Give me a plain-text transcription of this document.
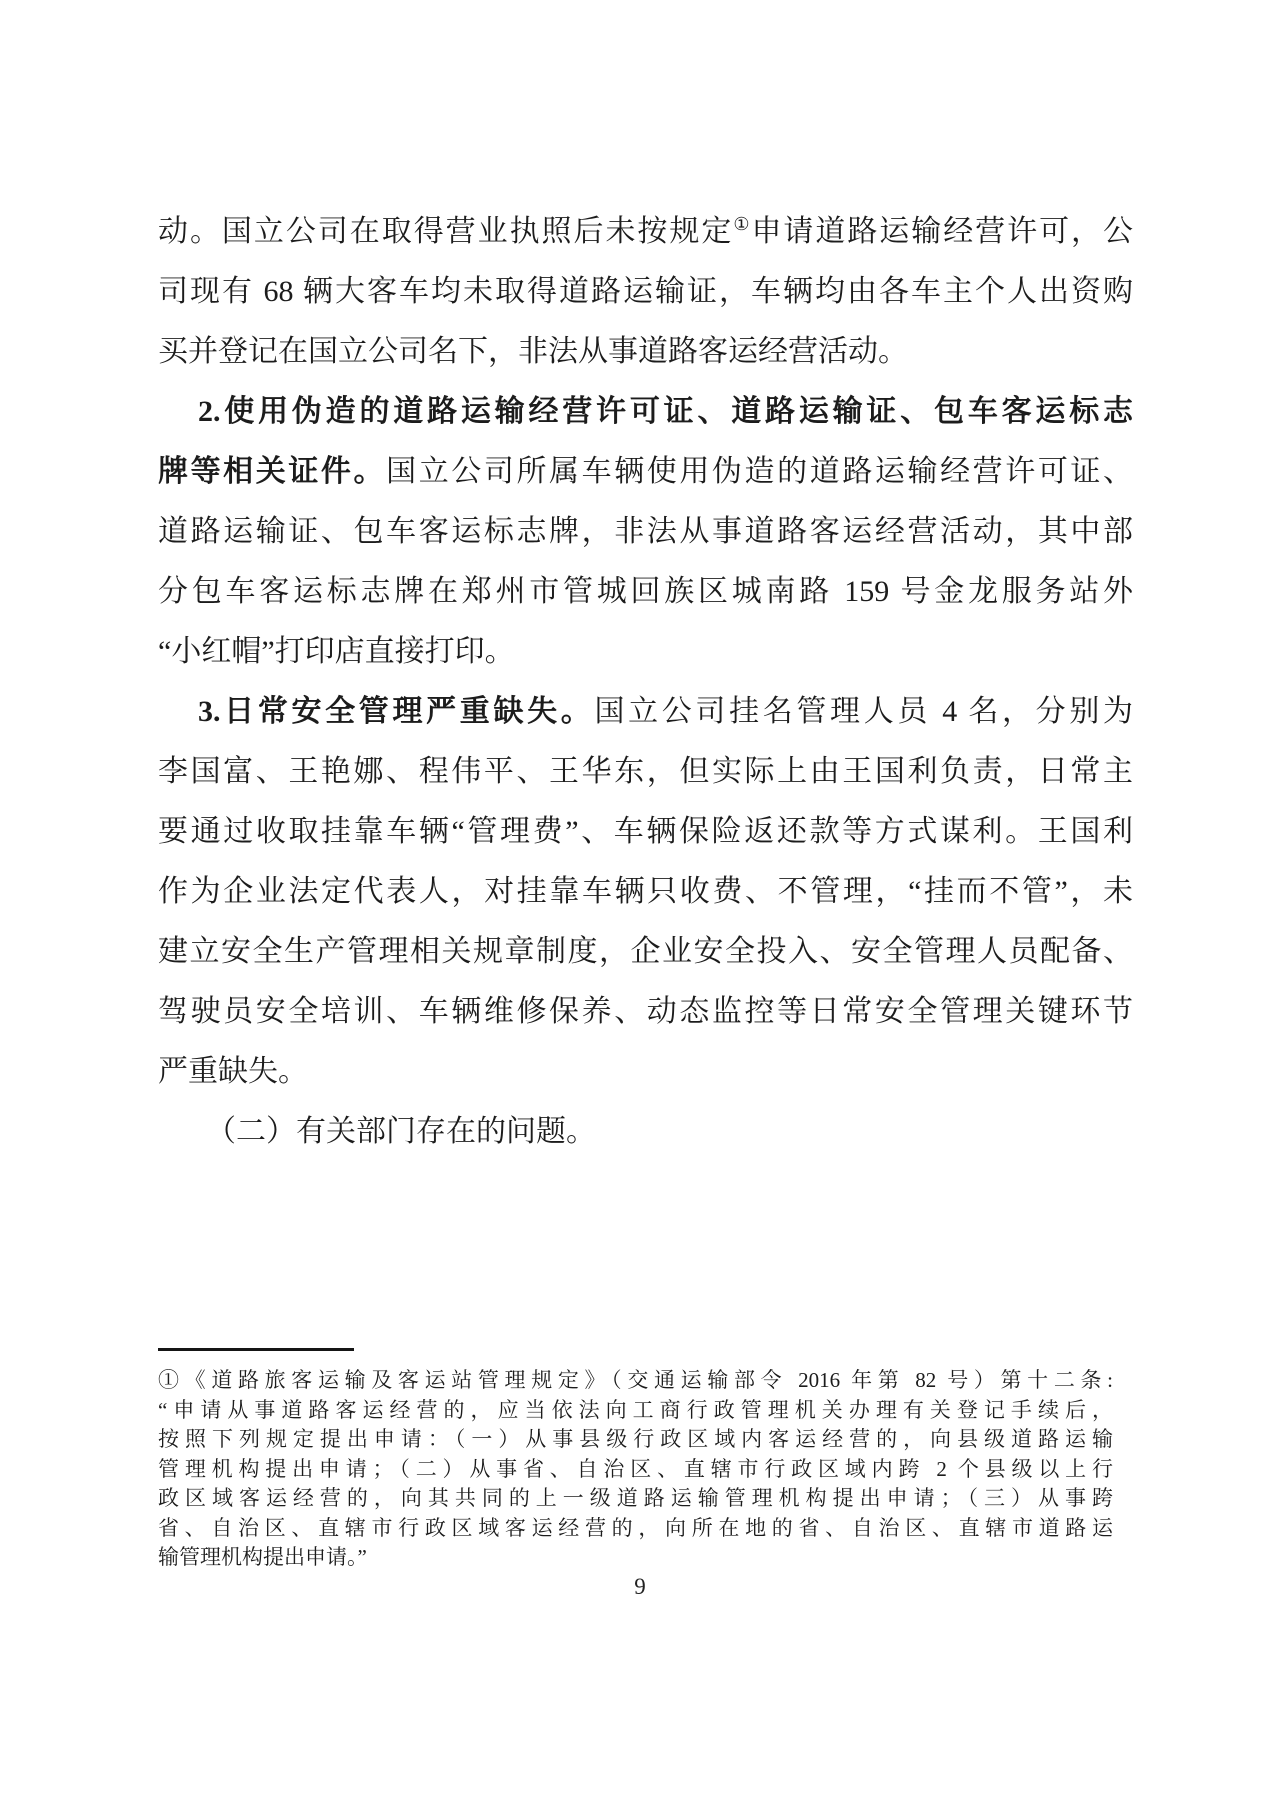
动。国立公司在取得营业执照后未按规定①申请道路运输经营许可，公
司现有 68 辆大客车均未取得道路运输证，车辆均由各车主个人出资购
买并登记在国立公司名下，非法从事道路客运经营活动。
2.使用伪造的道路运输经营许可证、道路运输证、包车客运标志
牌等相关证件。国立公司所属车辆使用伪造的道路运输经营许可证、
道路运输证、包车客运标志牌，非法从事道路客运经营活动，其中部
分包车客运标志牌在郑州市管城回族区城南路 159 号金龙服务站外
“小红帽”打印店直接打印。
3.日常安全管理严重缺失。国立公司挂名管理人员 4 名，分别为
李国富、王艳娜、程伟平、王华东，但实际上由王国利负责，日常主
要通过收取挂靠车辆“管理费”、车辆保险返还款等方式谋利。王国利
作为企业法定代表人，对挂靠车辆只收费、不管理，“挂而不管”，未
建立安全生产管理相关规章制度，企业安全投入、安全管理人员配备、
驾驶员安全培训、车辆维修保养、动态监控等日常安全管理关键环节
严重缺失。
（二）有关部门存在的问题。
①《道路旅客运输及客运站管理规定》（交通运输部令 2016 年第 82 号）第十二条:
“申请从事道路客运经营的，应当依法向工商行政管理机关办理有关登记手续后，
按照下列规定提出申请：（一）从事县级行政区域内客运经营的，向县级道路运输
管理机构提出申请；（二）从事省、自治区、直辖市行政区域内跨 2 个县级以上行
政区域客运经营的，向其共同的上一级道路运输管理机构提出申请；（三）从事跨
省、自治区、直辖市行政区域客运经营的，向所在地的省、自治区、直辖市道路运
输管理机构提出申请。”
9
